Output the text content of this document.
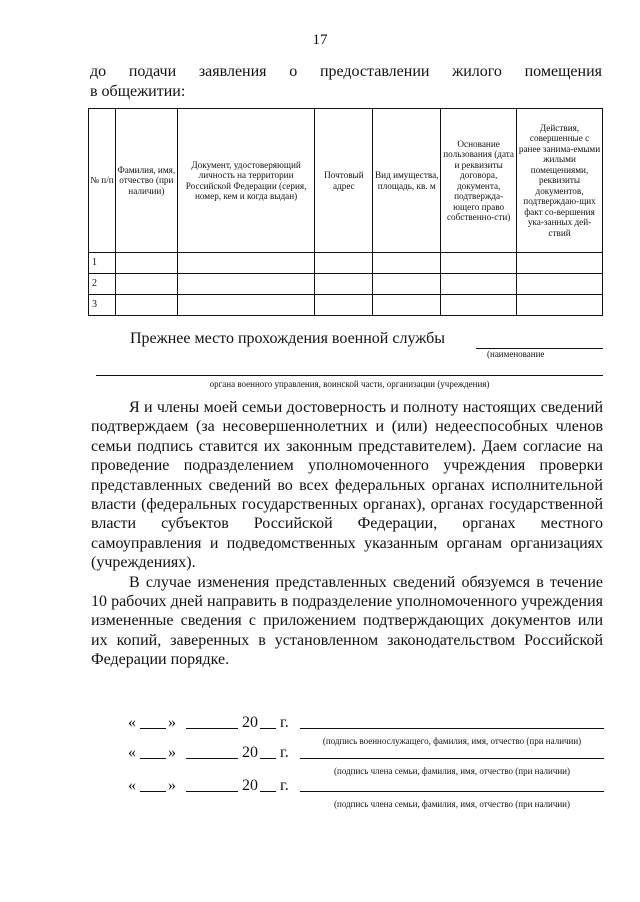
17
до подачи заявления о предоставлении жилого помещения
в общежитии:
№ п/п	Фамилия, имя, отчество (при наличии)	Документ, удостоверяющий личность на территории Российской Федерации (серия, номер, кем и когда выдан)	Почтовый адрес	Вид имущества, площадь, кв. м	Основание пользования (дата и реквизиты договора, документа, подтвержда-ющего право собственно-сти)	Действия, совершенные с ранее занима-емыми жилыми помещениями, реквизиты документов, подтверждаю-щих факт со-вершения ука-занных дей-ствий
1						
2						
3						
Прежнее место прохождения военной службы
(наименование
органа военного управления, воинской части, организации (учреждения)

Я и члены моей семьи достоверность и полноту настоящих сведений подтверждаем (за несовершеннолетних и (или) недееспособных членов семьи подпись ставится их законным представителем). Даем согласие на проведение подразделением уполномоченного учреждения проверки представленных сведений во всех федеральных органах исполнительной власти (федеральных государственных органах), органах государственной власти субъектов Российской Федерации, органах местного самоуправления и подведомственных указанным органам организациях (учреждениях).

В случае изменения представленных сведений обязуемся в течение 10 рабочих дней направить в подразделение уполномоченного учреждения измененные сведения с приложением подтверждающих документов или их копий, заверенных в установленном законодательством Российской Федерации порядке.

« »	20 г.
(подпись военнослужащего, фамилия, имя, отчество (при наличии)
« »	20 г.
(подпись члена семьи, фамилия, имя, отчество (при наличии)
« »	20 г.
(подпись члена семьи, фамилия, имя, отчество (при наличии)
